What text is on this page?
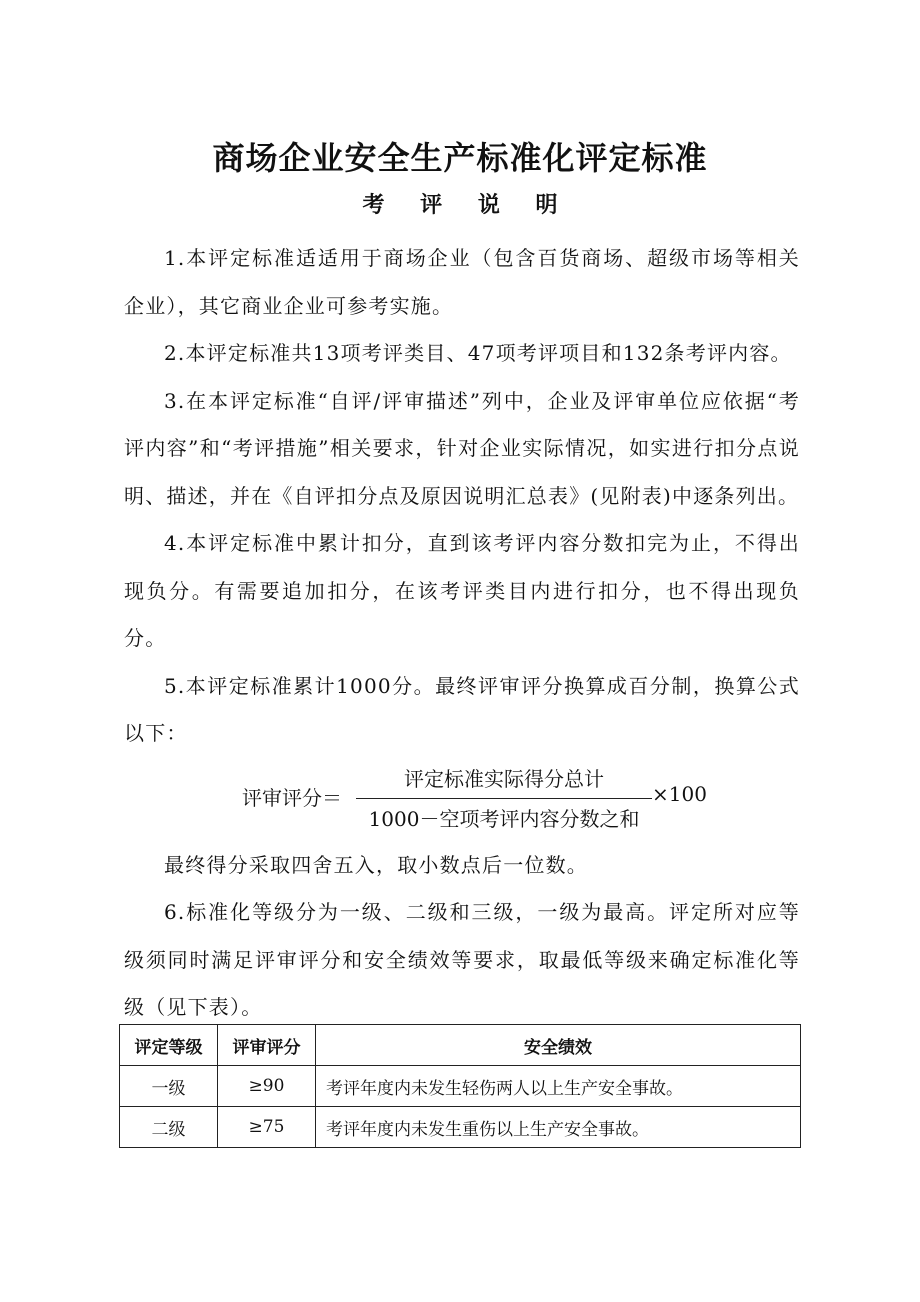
商场企业安全生产标准化评定标准
考 评 说 明

1.本评定标准适适用于商场企业（包含百货商场、超级市场等相关企业），其它商业企业可参考实施。

2.本评定标准共13项考评类目、47项考评项目和132条考评内容。

3.在本评定标准“自评/评审描述”列中，企业及评审单位应依据“考评内容”和“考评措施”相关要求，针对企业实际情况，如实进行扣分点说明、描述，并在《自评扣分点及原因说明汇总表》(见附表)中逐条列出。

4.本评定标准中累计扣分，直到该考评内容分数扣完为止，不得出现负分。有需要追加扣分，在该考评类目内进行扣分，也不得出现负分。

5.本评定标准累计1000分。最终评审评分换算成百分制，换算公式以下：

评审评分＝
评定标准实际得分总计
1000－空项考评内容分数之和
×100

最终得分采取四舍五入，取小数点后一位数。

6.标准化等级分为一级、二级和三级，一级为最高。评定所对应等级须同时满足评审评分和安全绩效等要求，取最低等级来确定标准化等级（见下表）。

评定等级	评审评分	安全绩效
一级	≥90	考评年度内未发生轻伤两人以上生产安全事故。
二级	≥75	考评年度内未发生重伤以上生产安全事故。
